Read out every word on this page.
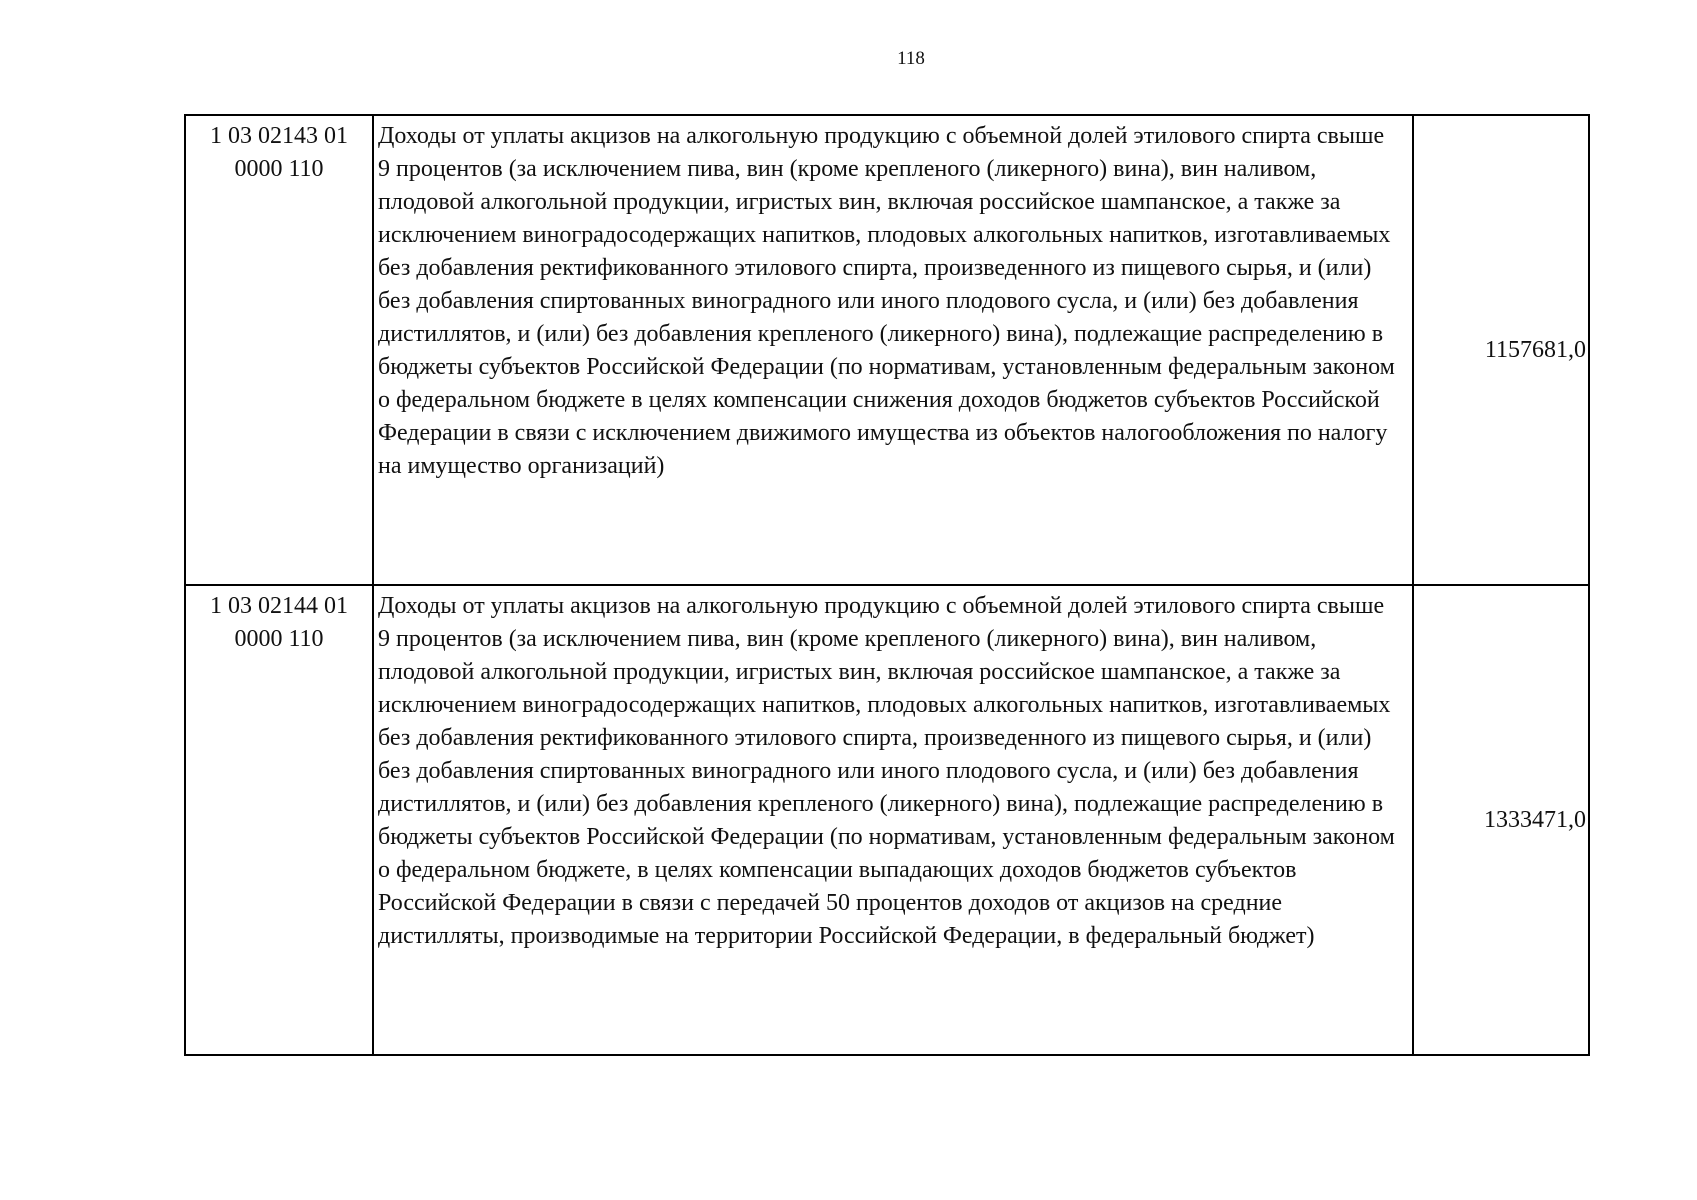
118
1 03 02143 01 0000 110	Доходы от уплаты акцизов на алкогольную продукцию с объемной долей этилового спирта свыше 9 процентов (за исключением пива, вин (кроме крепленого (ликерного) вина), вин наливом, плодовой алкогольной продукции, игристых вин, включая российское шампанское, а также за исключением виноградосодержащих напитков, плодовых алкогольных напитков, изготавливаемых без добавления ректификованного этилового спирта, произведенного из пищевого сырья, и (или) без добавления спиртованных виноградного или иного плодового сусла, и (или) без добавления дистиллятов, и (или) без добавления крепленого (ликерного) вина), подлежащие распределению в бюджеты субъектов Российской Федерации (по нормативам, установленным федеральным законом о федеральном бюджете в целях компенсации снижения доходов бюджетов субъектов Российской Федерации в связи с исключением движимого имущества из объектов налогообложения по налогу на имущество организаций)	1157681,0
1 03 02144 01 0000 110	Доходы от уплаты акцизов на алкогольную продукцию с объемной долей этилового спирта свыше 9 процентов (за исключением пива, вин (кроме крепленого (ликерного) вина), вин наливом, плодовой алкогольной продукции, игристых вин, включая российское шампанское, а также за исключением виноградосодержащих напитков, плодовых алкогольных напитков, изготавливаемых без добавления ректификованного этилового спирта, произведенного из пищевого сырья, и (или) без добавления спиртованных виноградного или иного плодового сусла, и (или) без добавления дистиллятов, и (или) без добавления крепленого (ликерного) вина), подлежащие распределению в бюджеты субъектов Российской Федерации (по нормативам, установленным федеральным законом о федеральном бюджете, в целях компенсации выпадающих доходов бюджетов субъектов Российской Федерации в связи с передачей 50 процентов доходов от акцизов на средние дистилляты, производимые на территории Российской Федерации, в федеральный бюджет)	1333471,0
